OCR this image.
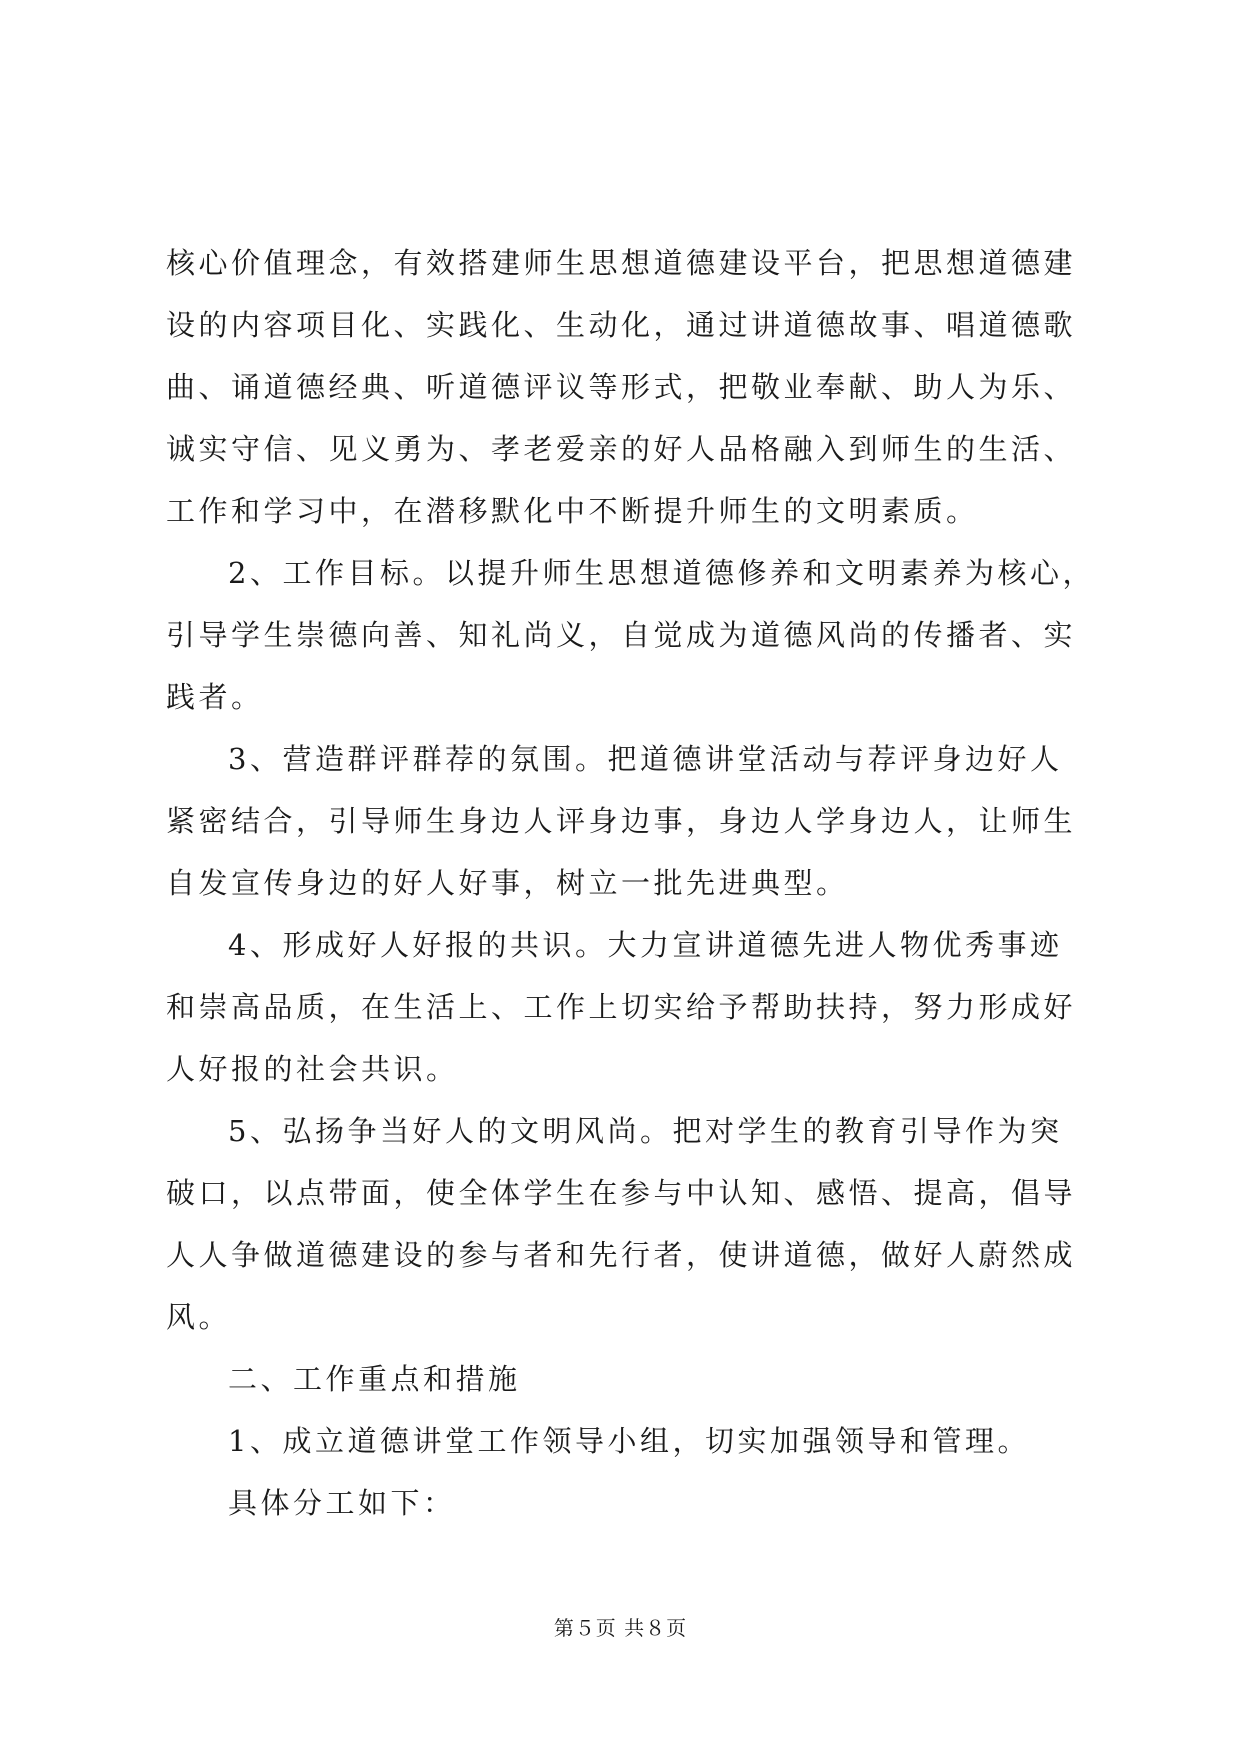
核心价值理念，有效搭建师生思想道德建设平台，把思想道德建
设的内容项目化、实践化、生动化，通过讲道德故事、唱道德歌
曲、诵道德经典、听道德评议等形式，把敬业奉献、助人为乐、
诚实守信、见义勇为、孝老爱亲的好人品格融入到师生的生活、
工作和学习中，在潜移默化中不断提升师生的文明素质。
2、工作目标。以提升师生思想道德修养和文明素养为核心，
引导学生崇德向善、知礼尚义，自觉成为道德风尚的传播者、实
践者。
3、营造群评群荐的氛围。把道德讲堂活动与荐评身边好人
紧密结合，引导师生身边人评身边事，身边人学身边人，让师生
自发宣传身边的好人好事，树立一批先进典型。
4、形成好人好报的共识。大力宣讲道德先进人物优秀事迹
和崇高品质，在生活上、工作上切实给予帮助扶持，努力形成好
人好报的社会共识。
5、弘扬争当好人的文明风尚。把对学生的教育引导作为突
破口，以点带面，使全体学生在参与中认知、感悟、提高，倡导
人人争做道德建设的参与者和先行者，使讲道德，做好人蔚然成
风。
二、工作重点和措施
1、成立道德讲堂工作领导小组，切实加强领导和管理。
具体分工如下：
第５页 共８页
